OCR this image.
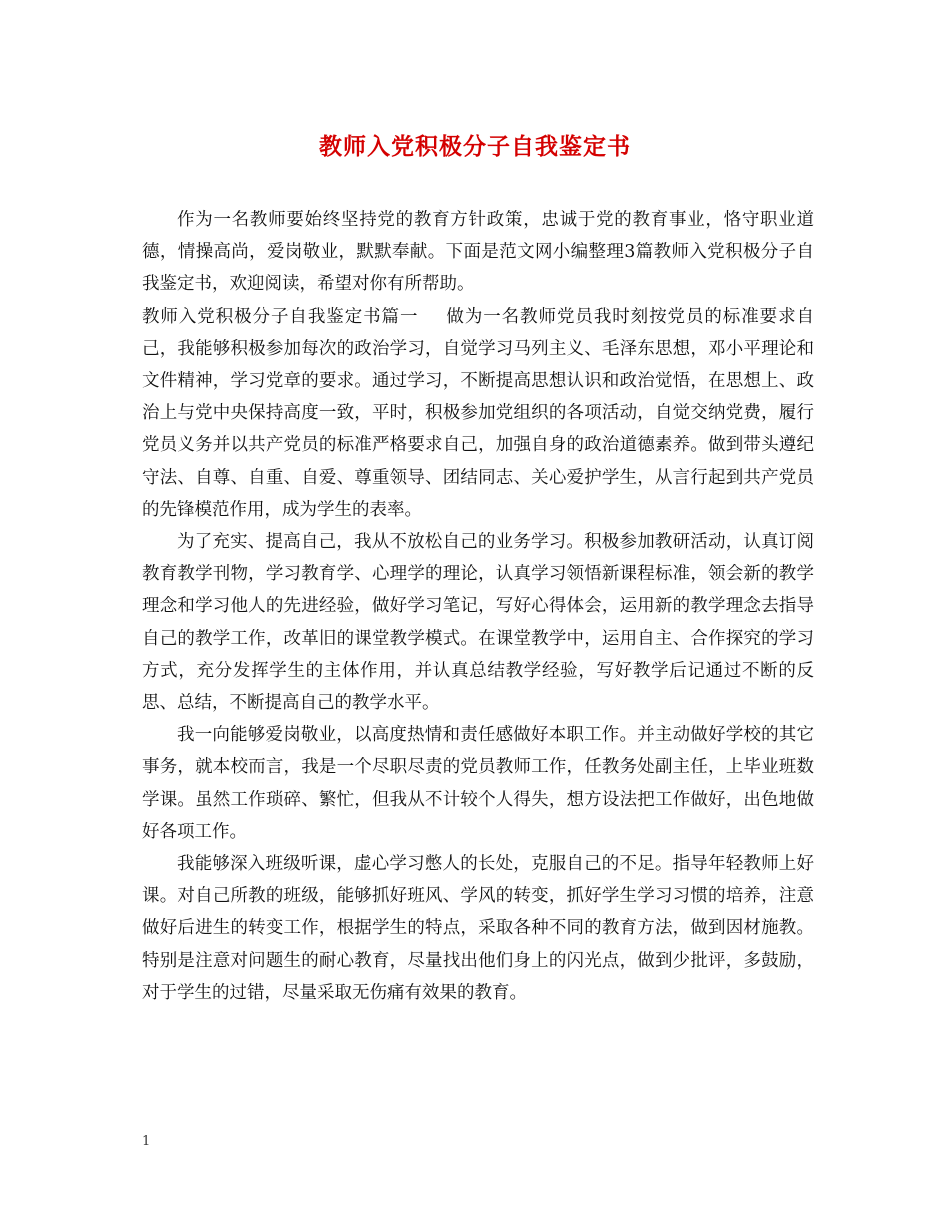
教师入党积极分子自我鉴定书

作为一名教师要始终坚持党的教育方针政策，忠诚于党的教育事业，恪守职业道德，情操高尚，爱岗敬业，默默奉献。下面是范文网小编整理3篇教师入党积极分子自我鉴定书，欢迎阅读，希望对你有所帮助。

教师入党积极分子自我鉴定书篇一 做为一名教师党员我时刻按党员的标准要求自己，我能够积极参加每次的政治学习，自觉学习马列主义、毛泽东思想，邓小平理论和文件精神，学习党章的要求。通过学习，不断提高思想认识和政治觉悟，在思想上、政治上与党中央保持高度一致，平时，积极参加党组织的各项活动，自觉交纳党费，履行党员义务并以共产党员的标准严格要求自己，加强自身的政治道德素养。做到带头遵纪守法、自尊、自重、自爱、尊重领导、团结同志、关心爱护学生，从言行起到共产党员的先锋模范作用，成为学生的表率。

为了充实、提高自己，我从不放松自己的业务学习。积极参加教研活动，认真订阅教育教学刊物，学习教育学、心理学的理论，认真学习领悟新课程标准，领会新的教学理念和学习他人的先进经验，做好学习笔记，写好心得体会，运用新的教学理念去指导自己的教学工作，改革旧的课堂教学模式。在课堂教学中，运用自主、合作探究的学习方式，充分发挥学生的主体作用，并认真总结教学经验，写好教学后记通过不断的反思、总结，不断提高自己的教学水平。

我一向能够爱岗敬业，以高度热情和责任感做好本职工作。并主动做好学校的其它事务，就本校而言，我是一个尽职尽责的党员教师工作，任教务处副主任，上毕业班数学课。虽然工作琐碎、繁忙，但我从不计较个人得失，想方设法把工作做好，出色地做好各项工作。

我能够深入班级听课，虚心学习憋人的长处，克服自己的不足。指导年轻教师上好课。对自己所教的班级，能够抓好班风、学风的转变，抓好学生学习习惯的培养，注意做好后进生的转变工作，根据学生的特点，采取各种不同的教育方法，做到因材施教。特别是注意对问题生的耐心教育，尽量找出他们身上的闪光点，做到少批评，多鼓励，对于学生的过错，尽量采取无伤痛有效果的教育。

1
